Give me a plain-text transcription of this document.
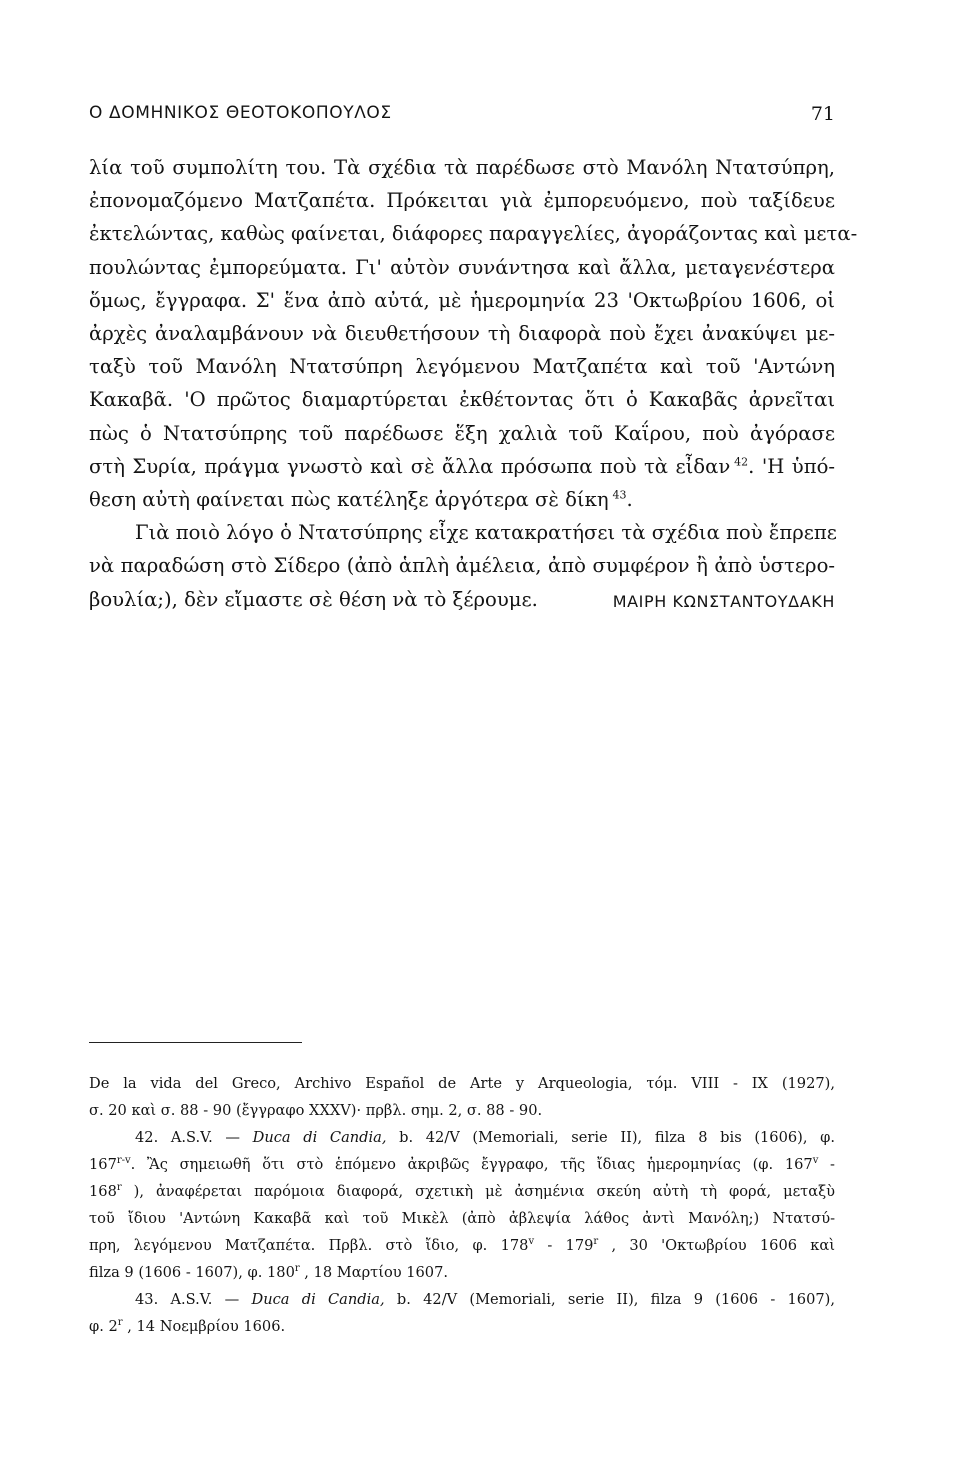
Ο ΔΟΜΗΝΙΚΟΣ ΘΕΟΤΟΚΟΠΟΥΛΟΣ	71
λία τοῦ συμπολίτη του. Τὰ σχέδια τὰ παρέδωσε στὸ Μανόλη Ντατσύπρη,
ἐπονομαζόμενο Ματζαπέτα. Πρόκειται γιὰ ἐμπορευόμενο, ποὺ ταξίδευε
ἐκτελώντας, καθὼς φαίνεται, διάφορες παραγγελίες, ἀγοράζοντας καὶ μετα-
πουλώντας ἐμπορεύματα. Γι' αὐτὸν συνάντησα καὶ ἄλλα, μεταγενέστερα
ὅμως, ἔγγραφα. Σ' ἕνα ἀπὸ αὐτά, μὲ ἡμερομηνία 23 'Οκτωβρίου 1606, οἱ
ἀρχὲς ἀναλαμβάνουν νὰ διευθετήσουν τὴ διαφορὰ ποὺ ἔχει ἀνακύψει με-
ταξὺ τοῦ Μανόλη Ντατσύπρη λεγόμενου Ματζαπέτα καὶ τοῦ 'Αντώνη
Κακαβᾶ. 'Ο πρῶτος διαμαρτύρεται ἐκθέτοντας ὅτι ὁ Κακαβᾶς ἀρνεῖται
πὼς ὁ Ντατσύπρης τοῦ παρέδωσε ἕξη χαλιὰ τοῦ Καΐρου, ποὺ ἀγόρασε
στὴ Συρία, πράγμα γνωστὸ καὶ σὲ ἄλλα πρόσωπα ποὺ τὰ εἶδαν  $^{42}$. 'Η ὑπό-
θεση αὐτὴ φαίνεται πὼς κατέληξε ἀργότερα σὲ δίκη  $^{43}$.
Γιὰ ποιὸ λόγο ὁ Ντατσύπρης εἶχε κατακρατήσει τὰ σχέδια ποὺ ἔπρεπε
νὰ παραδώση στὸ Σίδερο (ἀπὸ ἁπλὴ ἀμέλεια, ἀπὸ συμφέρον ἢ ἀπὸ ὑστερο-
βουλία;), δὲν εἴμαστε σὲ θέση νὰ τὸ ξέρουμε.	ΜΑΙΡΗ ΚΩΝΣΤΑΝΤΟΥΔΑΚΗ
De la vida del Greco, Archivo Español de Arte y Arqueologia, τόμ. VIII - IX (1927),
σ. 20 καὶ σ. 88 - 90 (ἔγγραφο XXXV)· πρβλ. σημ. 2, σ. 88 - 90.
42. A.S.V. — Duca di Candia, b. 42/V (Memoriali, serie II), filza 8 bis (1606), φ.
167$^{r-v}$. Ἂς σημειωθῆ ὅτι στὸ ἑπόμενο ἀκριβῶς ἔγγραφο, τῆς ἴδιας ἡμερομηνίας (φ. 167$^v$ -
168$^r$ ), ἀναφέρεται παρόμοια διαφορά, σχετικὴ μὲ ἀσημένια σκεύη αὐτὴ τὴ φορά, μεταξὺ
τοῦ ἴδιου 'Αντώνη Κακαβᾶ καὶ τοῦ Μικὲλ (ἀπὸ ἀβλεψία λάθος ἀντὶ Μανόλη;) Ντατσύ-
πρη, λεγόμενου Ματζαπέτα. Πρβλ. στὸ ἴδιο, φ. 178$^v$ - 179$^r$ , 30 'Οκτωβρίου 1606 καὶ
filza 9 (1606 - 1607), φ. 180$^r$ , 18 Μαρτίου 1607.
43. A.S.V. — Duca di Candia, b. 42/V (Memoriali, serie II), filza 9 (1606 - 1607),
φ. 2$^r$ , 14 Νοεμβρίου 1606.
